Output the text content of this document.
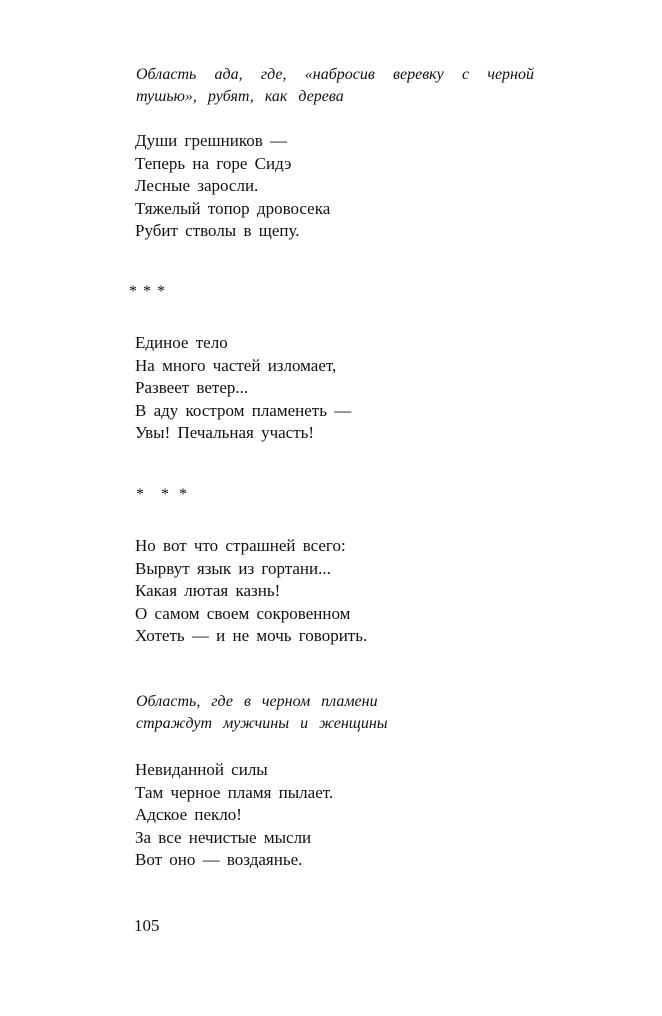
Область ада, где, «набросив веревку с черной
тушью», рубят, как дерева
Души грешников —
Теперь на горе Сидэ
Лесные заросли.
Тяжелый топор дровосека
Рубит стволы в щепу.
* * *
Единое тело
На много частей изломает,
Развеет ветер...
В аду костром пламенеть —
Увы! Печальная участь!
*  * *
Но вот что страшней всего:
Вырвут язык из гортани...
Какая лютая казнь!
О самом своем сокровенном
Хотеть — и не мочь говорить.
Область, где в черном пламени
страждут мужчины и женщины
Невиданной силы
Там черное пламя пылает.
Адское пекло!
За все нечистые мысли
Вот оно — воздаянье.
105
